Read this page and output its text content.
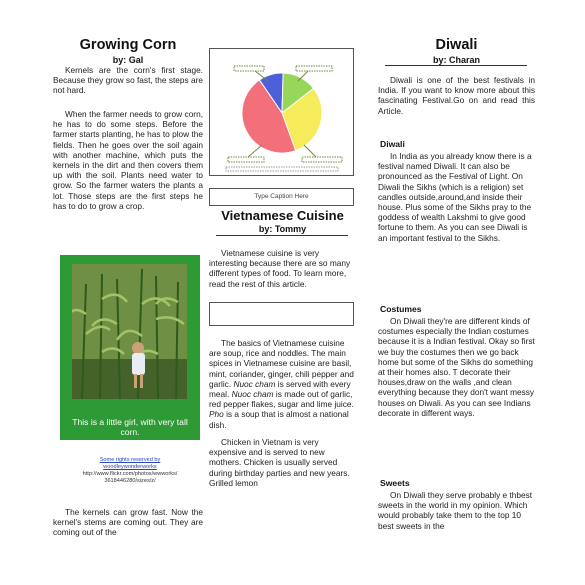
Growing Corn
by: Gal
Kernels are the corn's first stage. Because they grow so fast, the steps are not hard.
When the farmer needs to grow corn, he has to do some steps. Before the farmer starts planting, he has to plow the fields. Then he goes over the soil again with another machine, which puts the kernels in the dirt and then covers them up with the soil. Plants need water to grow. So the farmer waters the plants a lot. Those steps are the first steps he has to do to grow a crop.
This is a little girl, with very tall corn.
Some rights reserved by
woodleywonderworks
http://www.flickr.com/photos/wwworks/
3618446280/sizes/z/
The kernels can grow fast. Now the kernel's stems are coming out. They are coming out of the
Type Caption Here
Vietnamese Cuisine
by: Tommy
Vietnamese cuisine is very interesting because there are so many different types of food. To learn more, read the rest of this article.
The basics of Vietnamese cuisine are soup, rice and noddles. The main spices in Vietnamese cuisine are basil, mint, coriander, ginger, chili pepper and garlic. Nuoc cham is served with every meal. Nuoc cham is made out of garlic, red pepper flakes, sugar and lime juice. Pho is a soup that is almost a national dish.
Chicken in Vietnam is very expensive and is served to new mothers. Chicken is usually served during birthday parties and new years. Grilled lemon
Diwali
by: Charan
Diwali is one of the best festivals in India. If you want to know more about this fascinating Festival.Go on and read this Article.
Diwali
In India as you already know there is a festival named Diwali. It can also be pronounced as the Festival of Light. On Diwali the Sikhs (which is a religion) set candles outside,around,and inside their house. Plus some of the Sikhs pray to the goddess of wealth Lakshmi to give good fortune to them. As you can see Diwali is an important festival to the Sikhs.
Costumes
On Diwali they're are different kinds of costumes especially the Indian costumes because it is a Indian festival. Okay so first we buy the costumes then we go back home but some of the Sikhs do something at their homes also. T decorate their houses,draw on the walls ,and clean everything because they don't want messy houses on Diwali. As you can see Indians decorate in different ways.
Sweets
On Diwali they serve probably e thbest sweets in the world in my opinion. Which would probably take them to the top 10 best sweets in the
